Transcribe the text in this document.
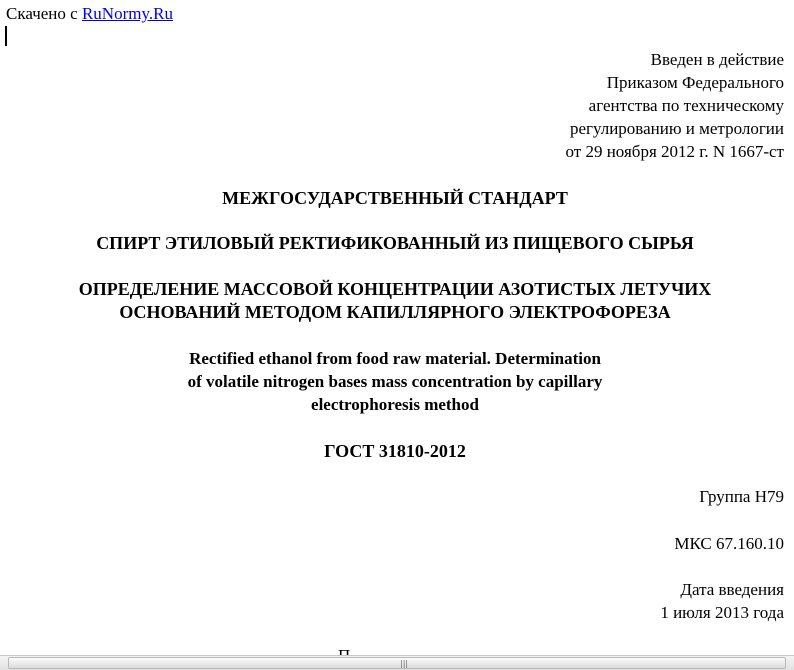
Скачено с RuNormy.Ru
Введен в действие
Приказом Федерального
агентства по техническому
регулированию и метрологии
от 29 ноября 2012 г. N 1667-ст
МЕЖГОСУДАРСТВЕННЫЙ СТАНДАРТ
СПИРТ ЭТИЛОВЫЙ РЕКТИФИКОВАННЫЙ ИЗ ПИЩЕВОГО СЫРЬЯ
ОПРЕДЕЛЕНИЕ МАССОВОЙ КОНЦЕНТРАЦИИ АЗОТИСТЫХ ЛЕТУЧИХ
ОСНОВАНИЙ МЕТОДОМ КАПИЛЛЯРНОГО ЭЛЕКТРОФОРЕЗА
Rectified ethanol from food raw material. Determination
of volatile nitrogen bases mass concentration by capillary
electrophoresis method
ГОСТ 31810-2012
Группа Н79
МКС 67.160.10
Дата введения
1 июля 2013 года
|||
